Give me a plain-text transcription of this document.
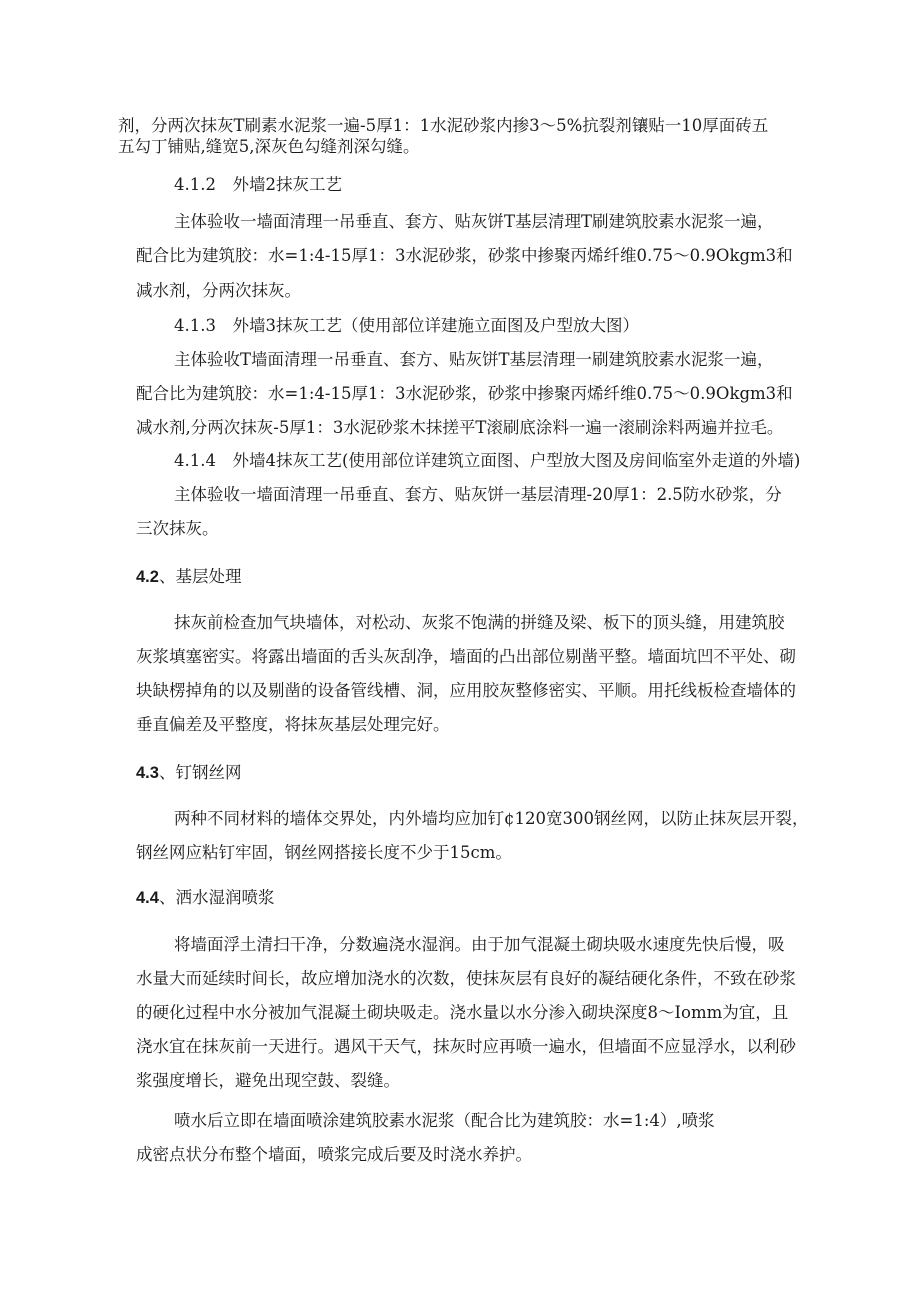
剂，分两次抹灰T刷素水泥浆一遍-5厚1：1水泥砂浆内掺3～5%抗裂剂镶贴一10厚面砖五
五勾丁铺贴,缝宽5,深灰色勾缝剂深勾缝。
4.1.2　外墙2抹灰工艺
主体验收一墙面清理一吊垂直、套方、贴灰饼T基层清理T刷建筑胶素水泥浆一遍，
配合比为建筑胶：水=1:4-15厚1：3水泥砂浆，砂浆中掺聚丙烯纤维0.75～0.9Okgm3和
减水剂，分两次抹灰。
4.1.3　外墙3抹灰工艺（使用部位详建施立面图及户型放大图）
主体验收T墙面清理一吊垂直、套方、贴灰饼T基层清理一刷建筑胶素水泥浆一遍，
配合比为建筑胶：水=1:4-15厚1：3水泥砂浆，砂浆中掺聚丙烯纤维0.75～0.9Okgm3和
减水剂,分两次抹灰-5厚1：3水泥砂浆木抹搓平T滚刷底涂料一遍一滚刷涂料两遍并拉毛。
4.1.4　外墙4抹灰工艺(使用部位详建筑立面图、户型放大图及房间临室外走道的外墙)
主体验收一墙面清理一吊垂直、套方、贴灰饼一基层清理-20厚1：2.5防水砂浆，分
三次抹灰。
4.2、基层处理
抹灰前检查加气块墙体，对松动、灰浆不饱满的拼缝及梁、板下的顶头缝，用建筑胶
灰浆填塞密实。将露出墙面的舌头灰刮净，墙面的凸出部位剔凿平整。墙面坑凹不平处、砌
块缺楞掉角的以及剔凿的设备管线槽、洞，应用胶灰整修密实、平顺。用托线板检查墙体的
垂直偏差及平整度，将抹灰基层处理完好。
4.3、钉钢丝网
两种不同材料的墙体交界处，内外墙均应加钉¢120宽300钢丝网，以防止抹灰层开裂，
钢丝网应粘钉牢固，钢丝网搭接长度不少于15cm。
4.4、洒水湿润喷浆
将墙面浮土清扫干净，分数遍浇水湿润。由于加气混凝土砌块吸水速度先快后慢，吸
水量大而延续时间长，故应增加浇水的次数，使抹灰层有良好的凝结硬化条件，不致在砂浆
的硬化过程中水分被加气混凝土砌块吸走。浇水量以水分渗入砌块深度8～Iomm为宜，且
浇水宜在抹灰前一天进行。遇风干天气，抹灰时应再喷一遍水，但墙面不应显浮水，以利砂
浆强度增长，避免出现空鼓、裂缝。
喷水后立即在墙面喷涂建筑胶素水泥浆（配合比为建筑胶：水=1:4）,喷浆
成密点状分布整个墙面，喷浆完成后要及时浇水养护。
